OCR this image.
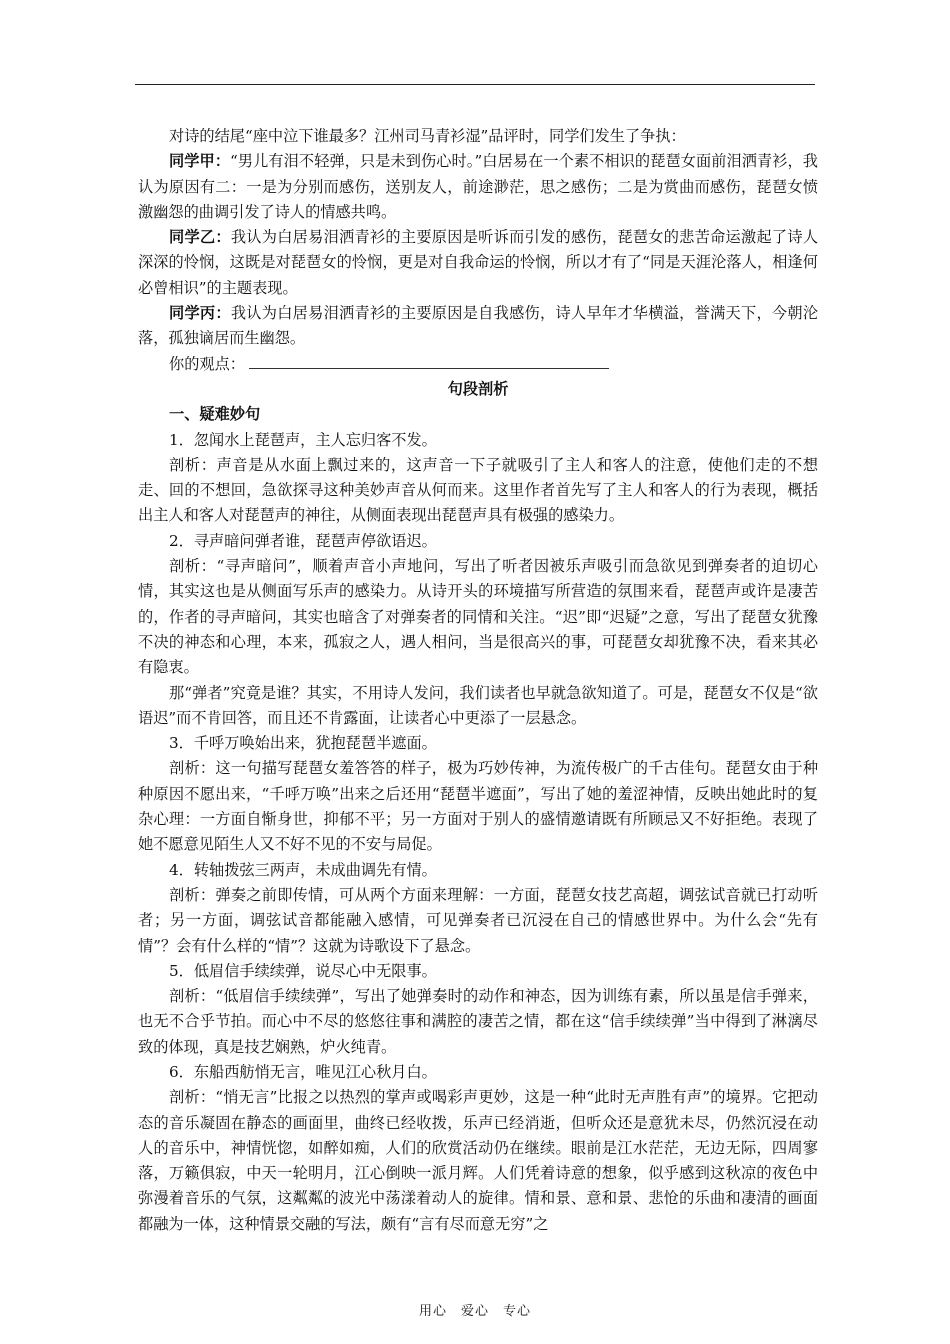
对诗的结尾“座中泣下谁最多？江州司马青衫湿”品评时，同学们发生了争执：

同学甲：“男儿有泪不轻弹，只是未到伤心时。”白居易在一个素不相识的琵琶女面前泪洒青衫，我认为原因有二：一是为分别而感伤，送别友人，前途渺茫，思之感伤；二是为赏曲而感伤，琵琶女愤激幽怨的曲调引发了诗人的情感共鸣。

同学乙：我认为白居易泪洒青衫的主要原因是听诉而引发的感伤，琵琶女的悲苦命运激起了诗人深深的怜悯，这既是对琵琶女的怜悯，更是对自我命运的怜悯，所以才有了“同是天涯沦落人，相逢何必曾相识”的主题表现。

同学丙：我认为白居易泪洒青衫的主要原因是自我感伤，诗人早年才华横溢，誉满天下，今朝沦落，孤独谪居而生幽怨。

你的观点：

句段剖析

一、疑难妙句

1．忽闻水上琵琶声，主人忘归客不发。

剖析：声音是从水面上飘过来的，这声音一下子就吸引了主人和客人的注意，使他们走的不想走、回的不想回，急欲探寻这种美妙声音从何而来。这里作者首先写了主人和客人的行为表现，概括出主人和客人对琵琶声的神往，从侧面表现出琵琶声具有极强的感染力。

2．寻声暗问弹者谁，琵琶声停欲语迟。

剖析：“寻声暗问”，顺着声音小声地问，写出了听者因被乐声吸引而急欲见到弹奏者的迫切心情，其实这也是从侧面写乐声的感染力。从诗开头的环境描写所营造的氛围来看，琵琶声或许是凄苦的，作者的寻声暗问，其实也暗含了对弹奏者的同情和关注。“迟”即“迟疑”之意，写出了琵琶女犹豫不决的神态和心理，本来，孤寂之人，遇人相问，当是很高兴的事，可琵琶女却犹豫不决，看来其必有隐衷。

那“弹者”究竟是谁？其实，不用诗人发问，我们读者也早就急欲知道了。可是，琵琶女不仅是“欲语迟”而不肯回答，而且还不肯露面，让读者心中更添了一层悬念。

3．千呼万唤始出来，犹抱琵琶半遮面。

剖析：这一句描写琵琶女羞答答的样子，极为巧妙传神，为流传极广的千古佳句。琵琶女由于种种原因不愿出来，“千呼万唤”出来之后还用“琵琶半遮面”，写出了她的羞涩神情，反映出她此时的复杂心理：一方面自惭身世，抑郁不平；另一方面对于别人的盛情邀请既有所顾忌又不好拒绝。表现了她不愿意见陌生人又不好不见的不安与局促。

4．转轴拨弦三两声，未成曲调先有情。

剖析：弹奏之前即传情，可从两个方面来理解：一方面，琵琶女技艺高超，调弦试音就已打动听者；另一方面，调弦试音都能融入感情，可见弹奏者已沉浸在自己的情感世界中。为什么会“先有情”？会有什么样的“情”？这就为诗歌设下了悬念。

5．低眉信手续续弹，说尽心中无限事。

剖析：“低眉信手续续弹”，写出了她弹奏时的动作和神态，因为训练有素，所以虽是信手弹来，也无不合乎节拍。而心中不尽的悠悠往事和满腔的凄苦之情，都在这“信手续续弹”当中得到了淋漓尽致的体现，真是技艺娴熟，炉火纯青。

6．东船西舫悄无言，唯见江心秋月白。

剖析：“悄无言”比报之以热烈的掌声或喝彩声更妙，这是一种“此时无声胜有声”的境界。它把动态的音乐凝固在静态的画面里，曲终已经收拨，乐声已经消逝，但听众还是意犹未尽，仍然沉浸在动人的音乐中，神情恍惚，如醉如痴，人们的欣赏活动仍在继续。眼前是江水茫茫，无边无际，四周寥落，万籁俱寂，中天一轮明月，江心倒映一派月辉。人们凭着诗意的想象，似乎感到这秋凉的夜色中弥漫着音乐的气氛，这粼粼的波光中荡漾着动人的旋律。情和景、意和景、悲怆的乐曲和凄清的画面都融为一体，这种情景交融的写法，颇有“言有尽而意无穷”之

用心 爱心 专心
